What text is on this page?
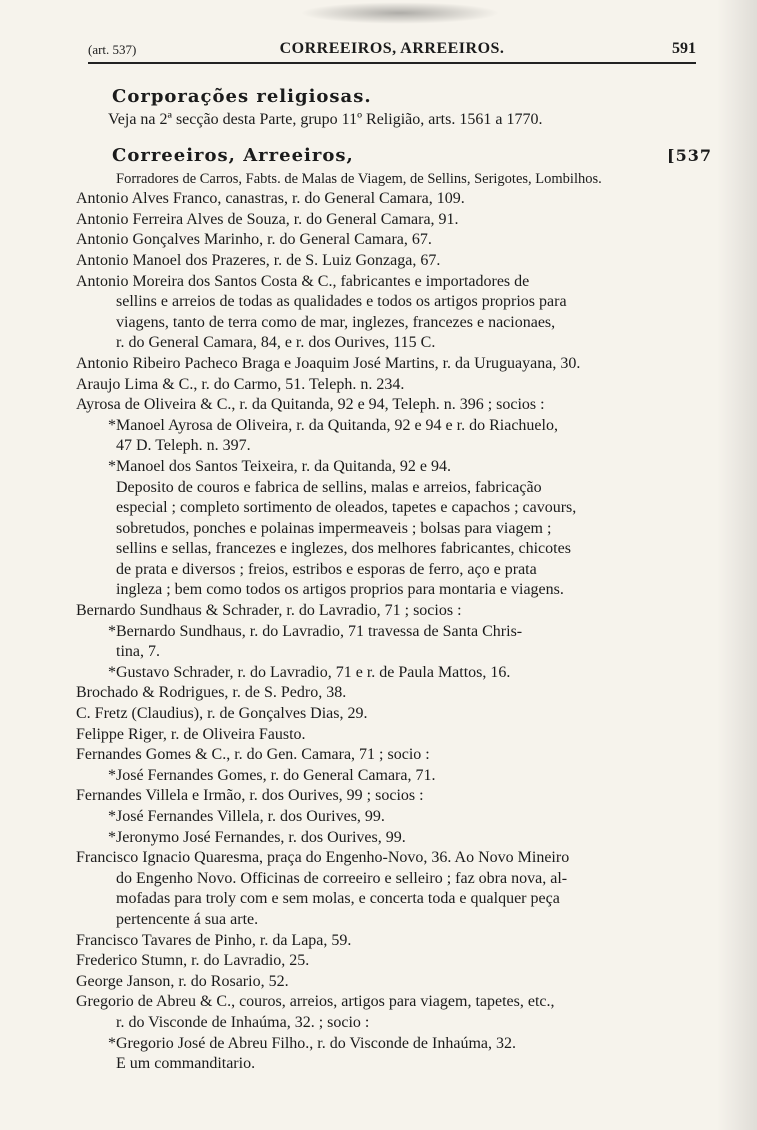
(art. 537)	CORREEIROS, ARREEIROS.	591
Corporações religiosas.
Veja na 2ª secção desta Parte, grupo 11º Religião, arts. 1561 a 1770.
Correeiros, Arreeiros,	[537
Forradores de Carros, Fabts. de Malas de Viagem, de Sellins, Serigotes, Lombilhos.
Antonio Alves Franco, canastras, r. do General Camara, 109.
Antonio Ferreira Alves de Souza, r. do General Camara, 91.
Antonio Gonçalves Marinho, r. do General Camara, 67.
Antonio Manoel dos Prazeres, r. de S. Luiz Gonzaga, 67.
Antonio Moreira dos Santos Costa & C., fabricantes e importadores de
sellins e arreios de todas as qualidades e todos os artigos proprios para
viagens, tanto de terra como de mar, inglezes, francezes e nacionaes,
r. do General Camara, 84, e r. dos Ourives, 115 C.
Antonio Ribeiro Pacheco Braga e Joaquim José Martins, r. da Uruguayana, 30.
Araujo Lima & C., r. do Carmo, 51. Teleph. n. 234.
Ayrosa de Oliveira & C., r. da Quitanda, 92 e 94, Teleph. n. 396 ; socios :
*Manoel Ayrosa de Oliveira, r. da Quitanda, 92 e 94 e r. do Riachuelo,
47 D. Teleph. n. 397.
*Manoel dos Santos Teixeira, r. da Quitanda, 92 e 94.
Deposito de couros e fabrica de sellins, malas e arreios, fabricação
especial ; completo sortimento de oleados, tapetes e capachos ; cavours,
sobretudos, ponches e polainas impermeaveis ; bolsas para viagem ;
sellins e sellas, francezes e inglezes, dos melhores fabricantes, chicotes
de prata e diversos ; freios, estribos e esporas de ferro, aço e prata
ingleza ; bem como todos os artigos proprios para montaria e viagens.
Bernardo Sundhaus & Schrader, r. do Lavradio, 71 ; socios :
*Bernardo Sundhaus, r. do Lavradio, 71 travessa de Santa Chris-
tina, 7.
*Gustavo Schrader, r. do Lavradio, 71 e r. de Paula Mattos, 16.
Brochado & Rodrigues, r. de S. Pedro, 38.
C. Fretz (Claudius), r. de Gonçalves Dias, 29.
Felippe Riger, r. de Oliveira Fausto.
Fernandes Gomes & C., r. do Gen. Camara, 71 ; socio :
*José Fernandes Gomes, r. do General Camara, 71.
Fernandes Villela e Irmão, r. dos Ourives, 99 ; socios :
*José Fernandes Villela, r. dos Ourives, 99.
*Jeronymo José Fernandes, r. dos Ourives, 99.
Francisco Ignacio Quaresma, praça do Engenho-Novo, 36. Ao Novo Mineiro
do Engenho Novo. Officinas de correeiro e selleiro ; faz obra nova, al-
mofadas para troly com e sem molas, e concerta toda e qualquer peça
pertencente á sua arte.
Francisco Tavares de Pinho, r. da Lapa, 59.
Frederico Stumn, r. do Lavradio, 25.
George Janson, r. do Rosario, 52.
Gregorio de Abreu & C., couros, arreios, artigos para viagem, tapetes, etc.,
r. do Visconde de Inhaúma, 32. ; socio :
*Gregorio José de Abreu Filho., r. do Visconde de Inhaúma, 32.
E um commanditario.
